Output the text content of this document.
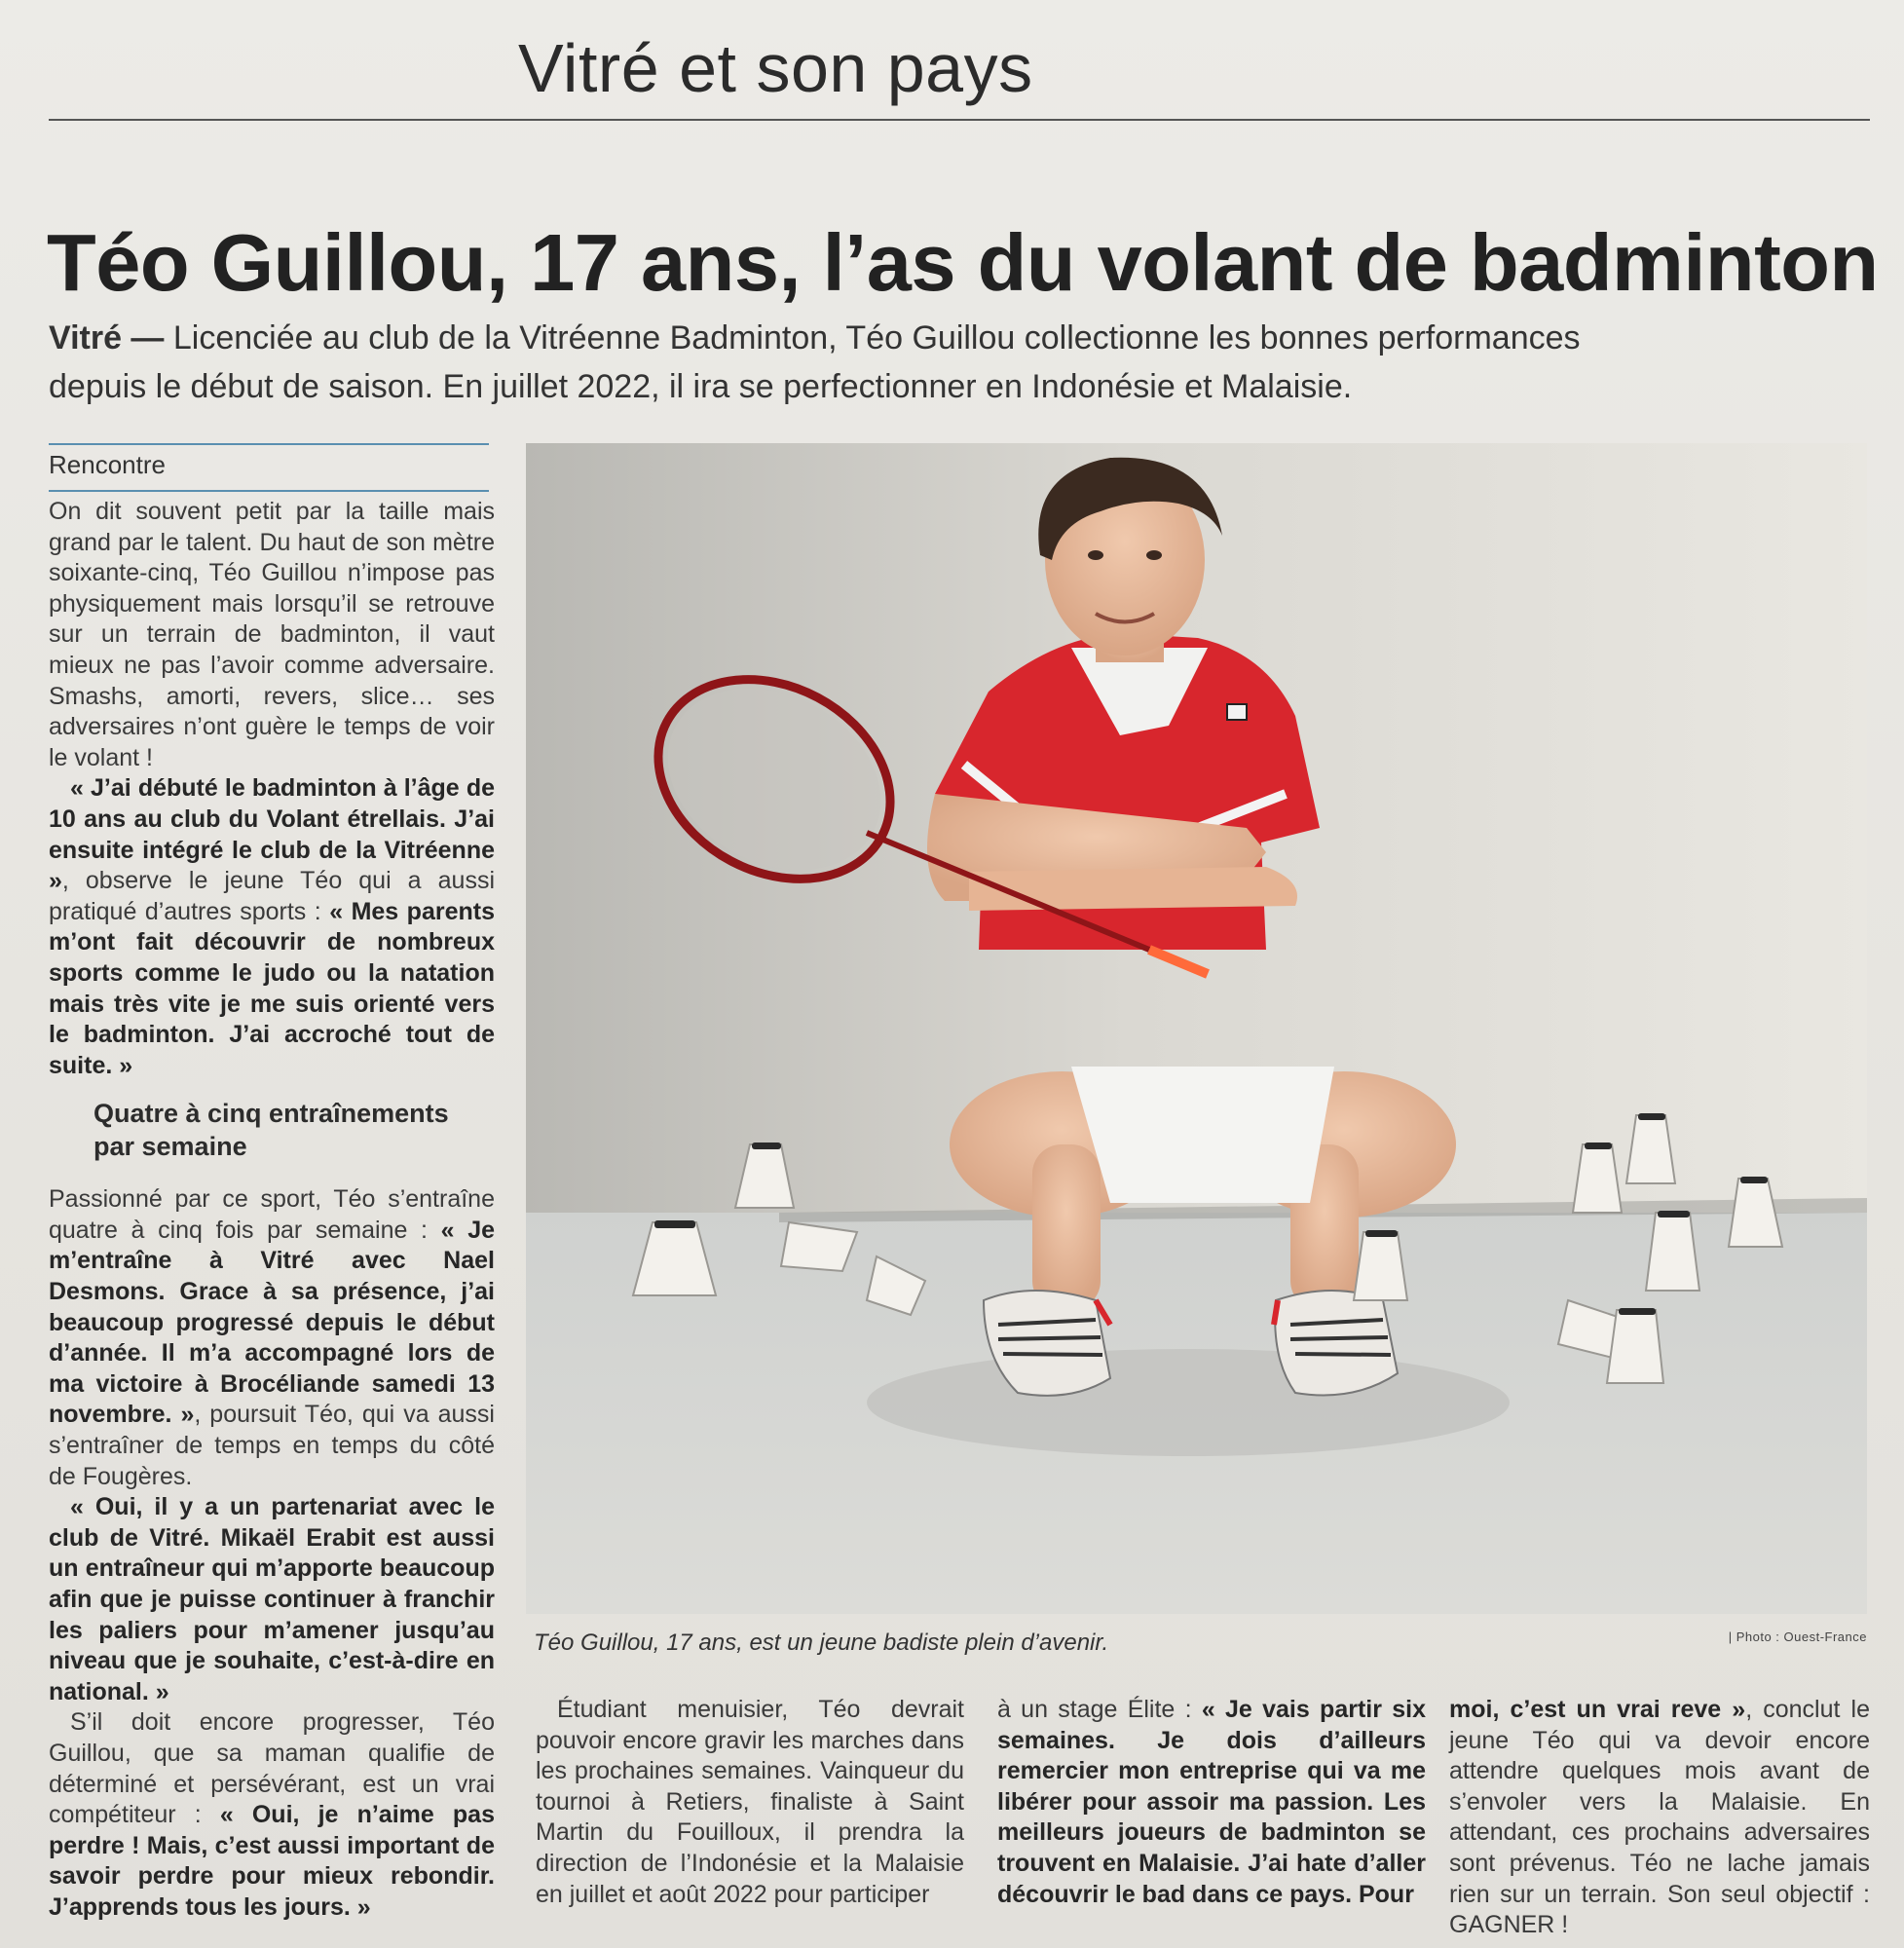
Vitré et son pays
Téo Guillou, 17 ans, l’as du volant de badminton
Vitré — Licenciée au club de la Vitréenne Badminton, Téo Guillou collectionne les bonnes performances depuis le début de saison. En juillet 2022, il ira se perfectionner en Indonésie et Malaisie.
Rencontre

On dit souvent petit par la taille mais grand par le talent. Du haut de son mètre soixante-cinq, Téo Guillou n’impose pas physiquement mais lorsqu’il se retrouve sur un terrain de badminton, il vaut mieux ne pas l’avoir comme adversaire. Smashs, amorti, revers, slice… ses adversaires n’ont guère le temps de voir le volant !

« J’ai débuté le badminton à l’âge de 10 ans au club du Volant étrellais. J’ai ensuite intégré le club de la Vitréenne », observe le jeune Téo qui a aussi pratiqué d’autres sports : « Mes parents m’ont fait découvrir de nombreux sports comme le judo ou la natation mais très vite je me suis orienté vers le badminton. J’ai accroché tout de suite. »

Quatre à cinq entraînements par semaine

Passionné par ce sport, Téo s’entraîne quatre à cinq fois par semaine : « Je m’entraîne à Vitré avec Nael Desmons. Grace à sa présence, j’ai beaucoup progressé depuis le début d’année. Il m’a accompagné lors de ma victoire à Brocéliande samedi 13 novembre. », poursuit Téo, qui va aussi s’entraîner de temps en temps du côté de Fougères.

« Oui, il y a un partenariat avec le club de Vitré. Mikaël Erabit est aussi un entraîneur qui m’apporte beaucoup afin que je puisse continuer à franchir les paliers pour m’amener jusqu’au niveau que je souhaite, c’est-à-dire en national. »

S’il doit encore progresser, Téo Guillou, que sa maman qualifie de déterminé et persévérant, est un vrai compétiteur : « Oui, je n’aime pas perdre ! Mais, c’est aussi important de savoir perdre pour mieux rebondir. J’apprends tous les jours. »

Téo Guillou, 17 ans, est un jeune badiste plein d’avenir.	| Photo : Ouest-France

Étudiant menuisier, Téo devrait pouvoir encore gravir les marches dans les prochaines semaines. Vainqueur du tournoi à Retiers, finaliste à Saint Martin du Fouilloux, il prendra la direction de l’Indonésie et la Malaisie en juillet et août 2022 pour participer

à un stage Élite : « Je vais partir six semaines. Je dois d’ailleurs remercier mon entreprise qui va me libérer pour assoir ma passion. Les meilleurs joueurs de badminton se trouvent en Malaisie. J’ai hate d’aller découvrir le bad dans ce pays. Pour

moi, c’est un vrai reve », conclut le jeune Téo qui va devoir encore attendre quelques mois avant de s’envoler vers la Malaisie. En attendant, ces prochains adversaires sont prévenus. Téo ne lache jamais rien sur un terrain. Son seul objectif : GAGNER !
